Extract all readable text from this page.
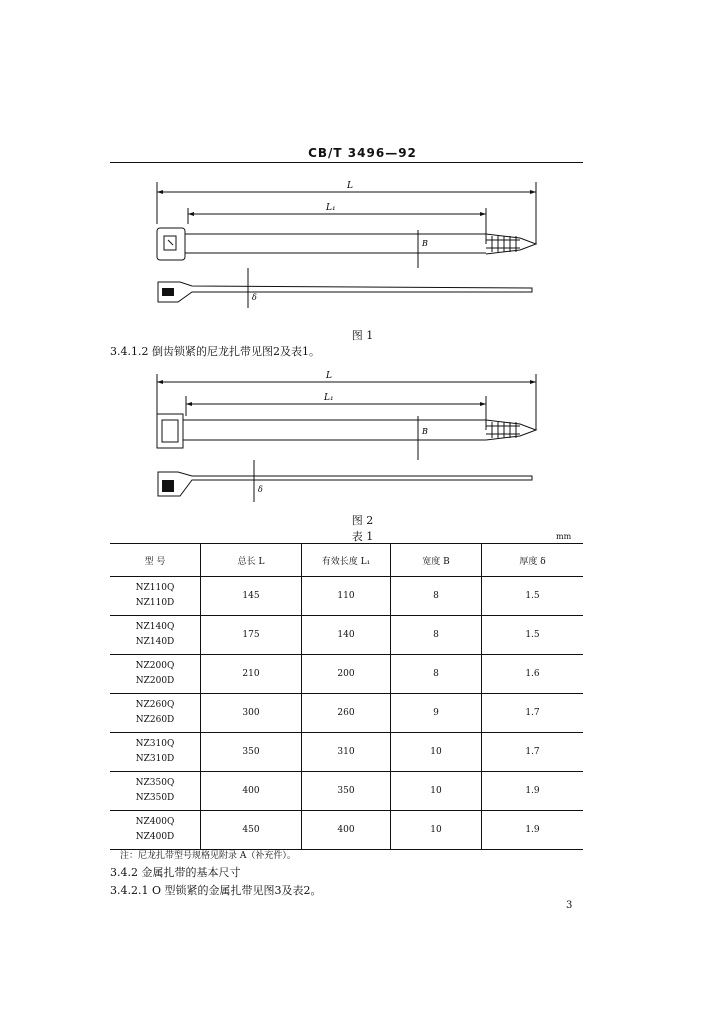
CB/T 3496—92
L
L₁
B
δ
图 1
3.4.1.2 倒齿锁紧的尼龙扎带见图2及表1。
L
L₁
B
δ
图 2
表 1	mm
型 号	总长 L	有效长度 L₁	宽度 B	厚度 δ
NZ110Q
NZ110D	145	110	8	1.5
NZ140Q
NZ140D	175	140	8	1.5
NZ200Q
NZ200D	210	200	8	1.6
NZ260Q
NZ260D	300	260	9	1.7
NZ310Q
NZ310D	350	310	10	1.7
NZ350Q
NZ350D	400	350	10	1.9
NZ400Q
NZ400D	450	400	10	1.9
注：尼龙扎带型号规格见附录 A（补充件）。
3.4.2 金属扎带的基本尺寸
3.4.2.1 O 型锁紧的金属扎带见图3及表2。
3
